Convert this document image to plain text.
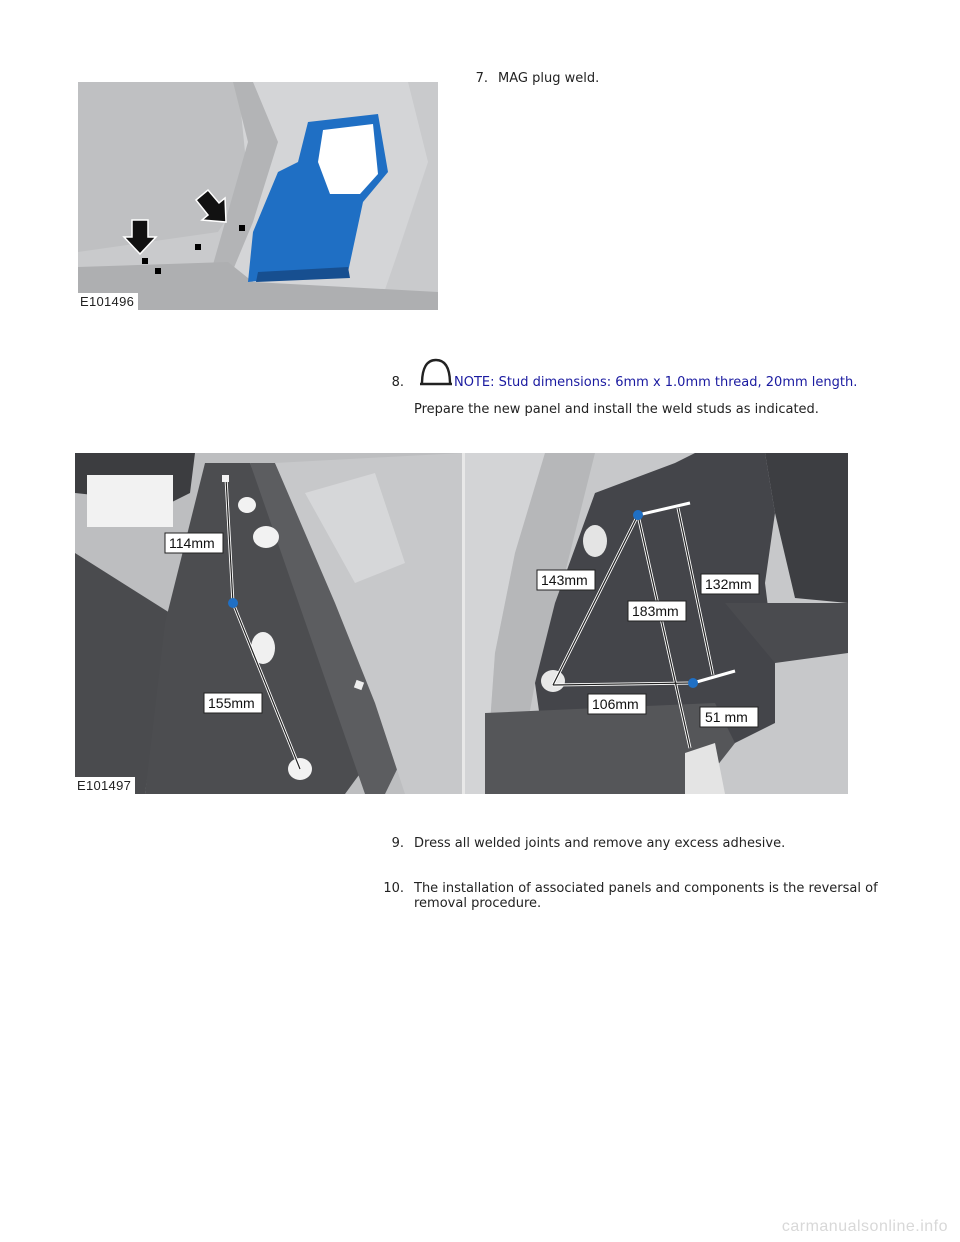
7. MAG plug weld.
E101496
8.	NOTE: Stud dimensions: 6mm x 1.0mm thread, 20mm length.
Prepare the new panel and install the weld studs as indicated.
114mm
155mm
143mm
183mm
132mm
106mm
51 mm
E101497
9. Dress all welded joints and remove any excess adhesive.
10. The installation of associated panels and components is the reversal of
removal procedure.
carmanualsonline.info
